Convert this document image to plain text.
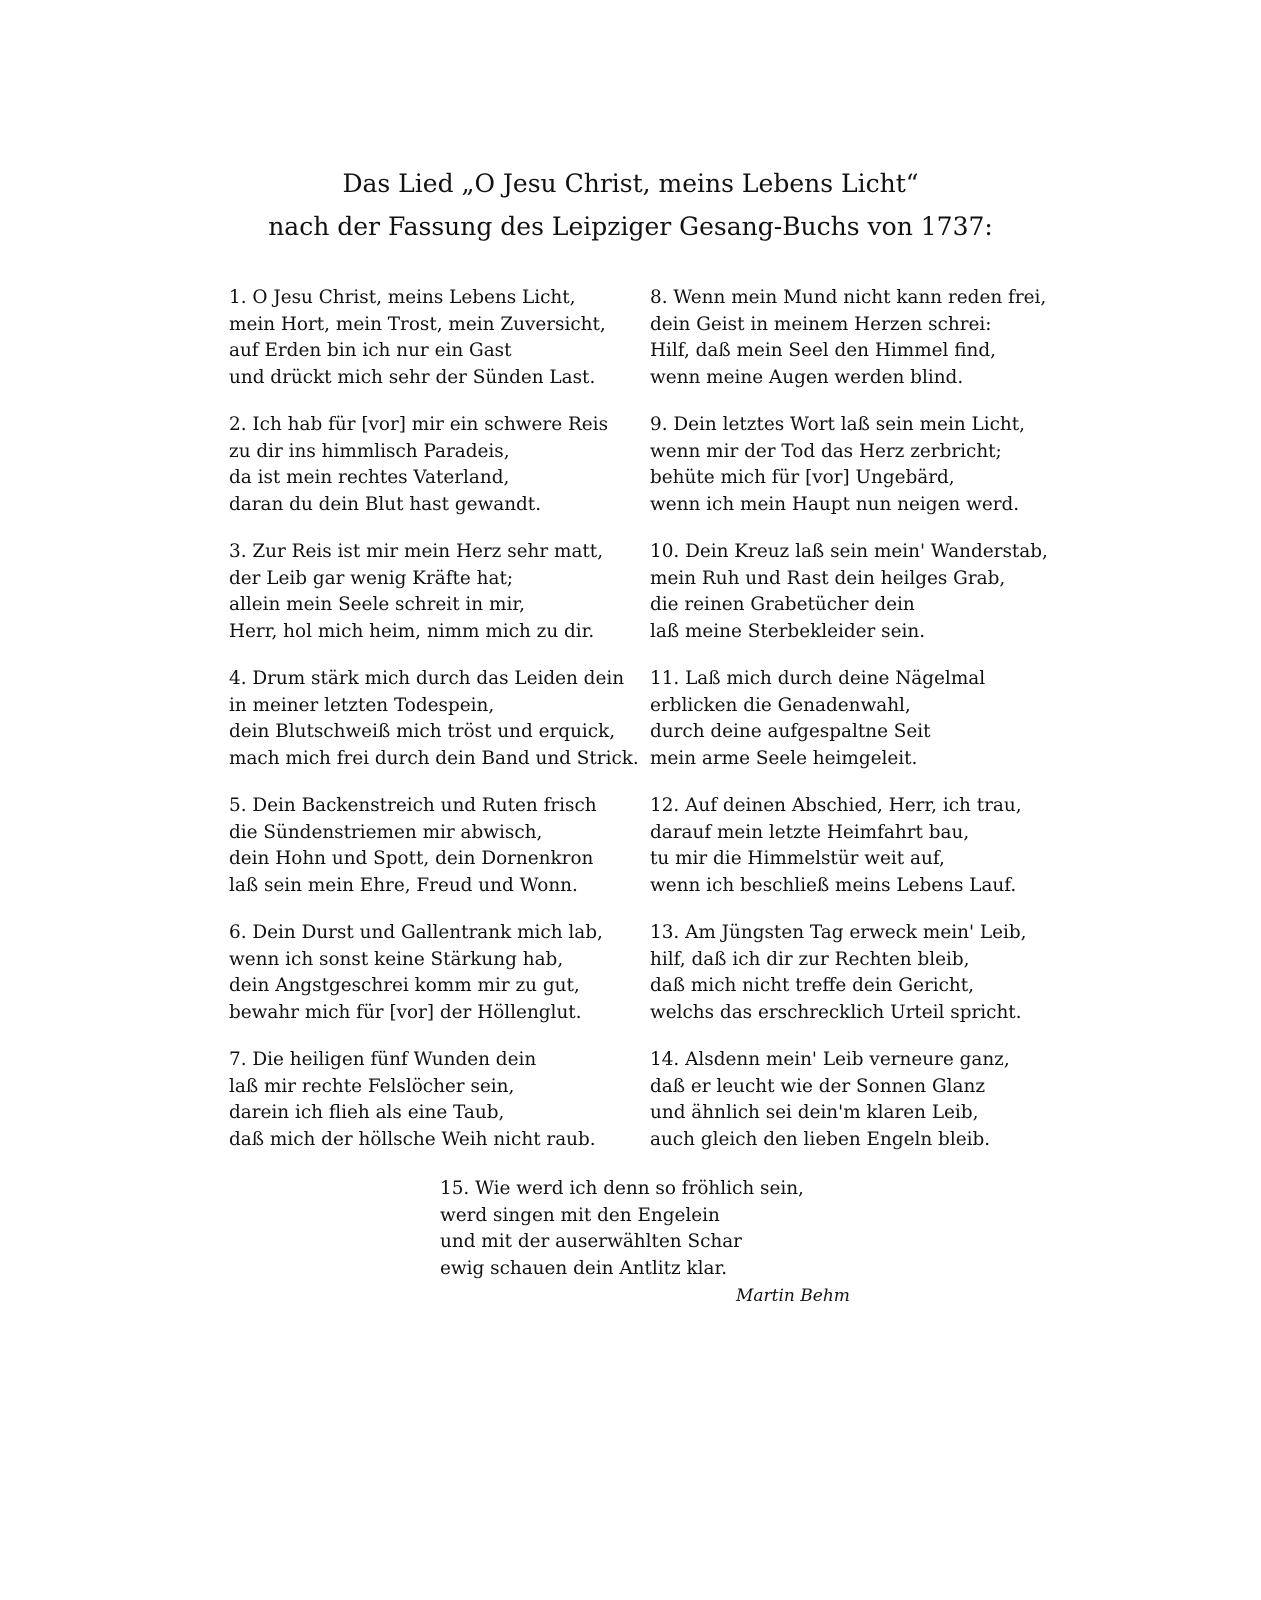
Das Lied „O Jesu Christ, meins Lebens Licht“
nach der Fassung des Leipziger Gesang-Buchs von 1737:
1. O Jesu Christ, meins Lebens Licht,
mein Hort, mein Trost, mein Zuversicht,
auf Erden bin ich nur ein Gast
und drückt mich sehr der Sünden Last.
2. Ich hab für [vor] mir ein schwere Reis
zu dir ins himmlisch Paradeis,
da ist mein rechtes Vaterland,
daran du dein Blut hast gewandt.
3. Zur Reis ist mir mein Herz sehr matt,
der Leib gar wenig Kräfte hat;
allein mein Seele schreit in mir,
Herr, hol mich heim, nimm mich zu dir.
4. Drum stärk mich durch das Leiden dein
in meiner letzten Todespein,
dein Blutschweiß mich tröst und erquick,
mach mich frei durch dein Band und Strick.
5. Dein Backenstreich und Ruten frisch
die Sündenstriemen mir abwisch,
dein Hohn und Spott, dein Dornenkron
laß sein mein Ehre, Freud und Wonn.
6. Dein Durst und Gallentrank mich lab,
wenn ich sonst keine Stärkung hab,
dein Angstgeschrei komm mir zu gut,
bewahr mich für [vor] der Höllenglut.
7. Die heiligen fünf Wunden dein
laß mir rechte Felslöcher sein,
darein ich flieh als eine Taub,
daß mich der höllsche Weih nicht raub.
8. Wenn mein Mund nicht kann reden frei,
dein Geist in meinem Herzen schrei:
Hilf, daß mein Seel den Himmel find,
wenn meine Augen werden blind.
9. Dein letztes Wort laß sein mein Licht,
wenn mir der Tod das Herz zerbricht;
behüte mich für [vor] Ungebärd,
wenn ich mein Haupt nun neigen werd.
10. Dein Kreuz laß sein mein' Wanderstab,
mein Ruh und Rast dein heilges Grab,
die reinen Grabetücher dein
laß meine Sterbekleider sein.
11. Laß mich durch deine Nägelmal
erblicken die Genadenwahl,
durch deine aufgespaltne Seit
mein arme Seele heimgeleit.
12. Auf deinen Abschied, Herr, ich trau,
darauf mein letzte Heimfahrt bau,
tu mir die Himmelstür weit auf,
wenn ich beschließ meins Lebens Lauf.
13. Am Jüngsten Tag erweck mein' Leib,
hilf, daß ich dir zur Rechten bleib,
daß mich nicht treffe dein Gericht,
welchs das erschrecklich Urteil spricht.
14. Alsdenn mein' Leib verneure ganz,
daß er leucht wie der Sonnen Glanz
und ähnlich sei dein'm klaren Leib,
auch gleich den lieben Engeln bleib.
15. Wie werd ich denn so fröhlich sein,
werd singen mit den Engelein
und mit der auserwählten Schar
ewig schauen dein Antlitz klar.
Martin Behm
